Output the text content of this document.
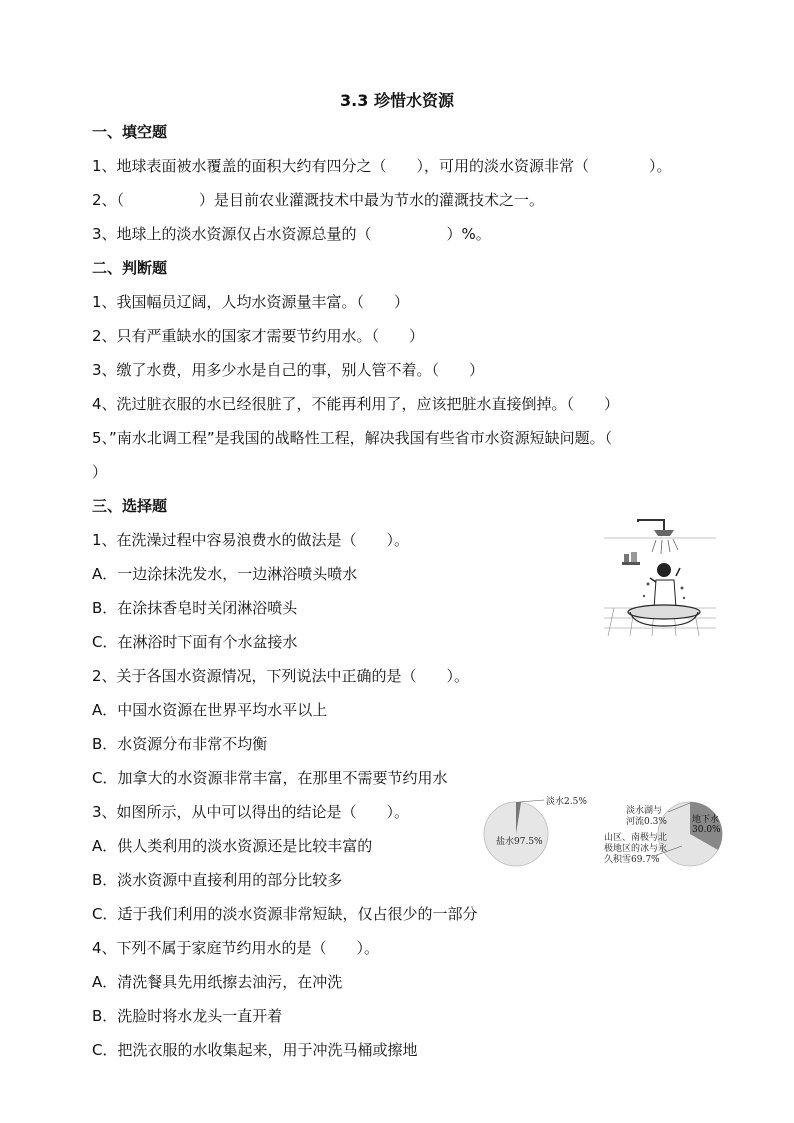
3.3 珍惜水资源
一、填空题
1、地球表面被水覆盖的面积大约有四分之（　　），可用的淡水资源非常（　　　　）。
2、（　　　　　）是目前农业灌溉技术中最为节水的灌溉技术之一。
3、地球上的淡水资源仅占水资源总量的（　　　　　）%。
二、判断题
1、我国幅员辽阔，人均水资源量丰富。（　　）
2、只有严重缺水的国家才需要节约用水。（　　）
3、缴了水费，用多少水是自己的事，别人管不着。（　　）
4、洗过脏衣服的水已经很脏了，不能再利用了，应该把脏水直接倒掉。（　　）
5、”南水北调工程”是我国的战略性工程，解决我国有些省市水资源短缺问题。（
）
三、选择题
1、在洗澡过程中容易浪费水的做法是（　　）。
A．一边涂抹洗发水，一边淋浴喷头喷水
B．在涂抹香皂时关闭淋浴喷头
C．在淋浴时下面有个水盆接水
2、关于各国水资源情况，下列说法中正确的是（　　）。
A．中国水资源在世界平均水平以上
B．水资源分布非常不均衡
C．加拿大的水资源非常丰富，在那里不需要节约用水
3、如图所示，从中可以得出的结论是（　　）。
A．供人类利用的淡水资源还是比较丰富的
B．淡水资源中直接利用的部分比较多
C．适于我们利用的淡水资源非常短缺，仅占很少的一部分
4、下列不属于家庭节约用水的是（　　）。
A．清洗餐具先用纸擦去油污，在冲洗
B．洗脸时将水龙头一直开着
C．把洗衣服的水收集起来，用于冲洗马桶或擦地
淡水2.5%
盐水97.5%
淡水湖与
河流0.3%	地下水
30.0%
山区、南极与北
极地区的冰与永
久积雪69.7%
